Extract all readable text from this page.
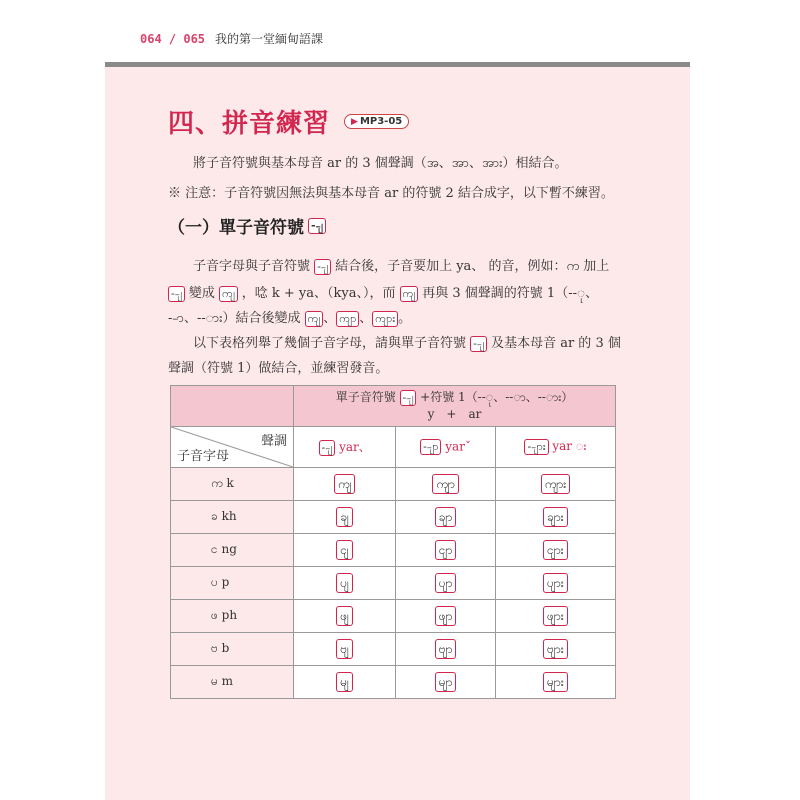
064 / 065 我的第一堂緬甸語課
四、拼音練習 ▶ MP3-05
將子音符號與基本母音 ar 的 3 個聲調（အ、အာ、အား）相結合。
※ 注意：子音符號因無法與基本母音 ar 的符號 2 結合成字，以下暫不練習。
（一）單子音符號 --ျ
子音字母與子音符號 --ျ 結合後，子音要加上 ya、 的音，例如：က 加上
--ျ 變成 ကျ ，唸 k + ya、（kya、），而 ကျ 再與 3 個聲調的符號 1（--ု、
--ာ、--ား）結合後變成 ကျ 、 ကျာ 、 ကျား 。
以下表格列舉了幾個子音字母，請與單子音符號 --ျ 及基本母音 ar 的 3 個
聲調（符號 1）做結合，並練習發音。

	單子音符號 --ျ +符號 1（--ု、--ာ、--ား）
y　+　ar		

聲調
子音字母	--ျ yar、	--ျာ yarˇ	--ျား yar း
က k	ကျ	ကျာ	ကျား
ခ kh	ချ	ချာ	ချား
င ng	ငျ	ငျာ	ငျား
ပ p	ပျ	ပျာ	ပျား
ဖ ph	ဖျ	ဖျာ	ဖျား
ဗ b	ဗျ	ဗျာ	ဗျား
မ m	မျ	မျာ	များ
